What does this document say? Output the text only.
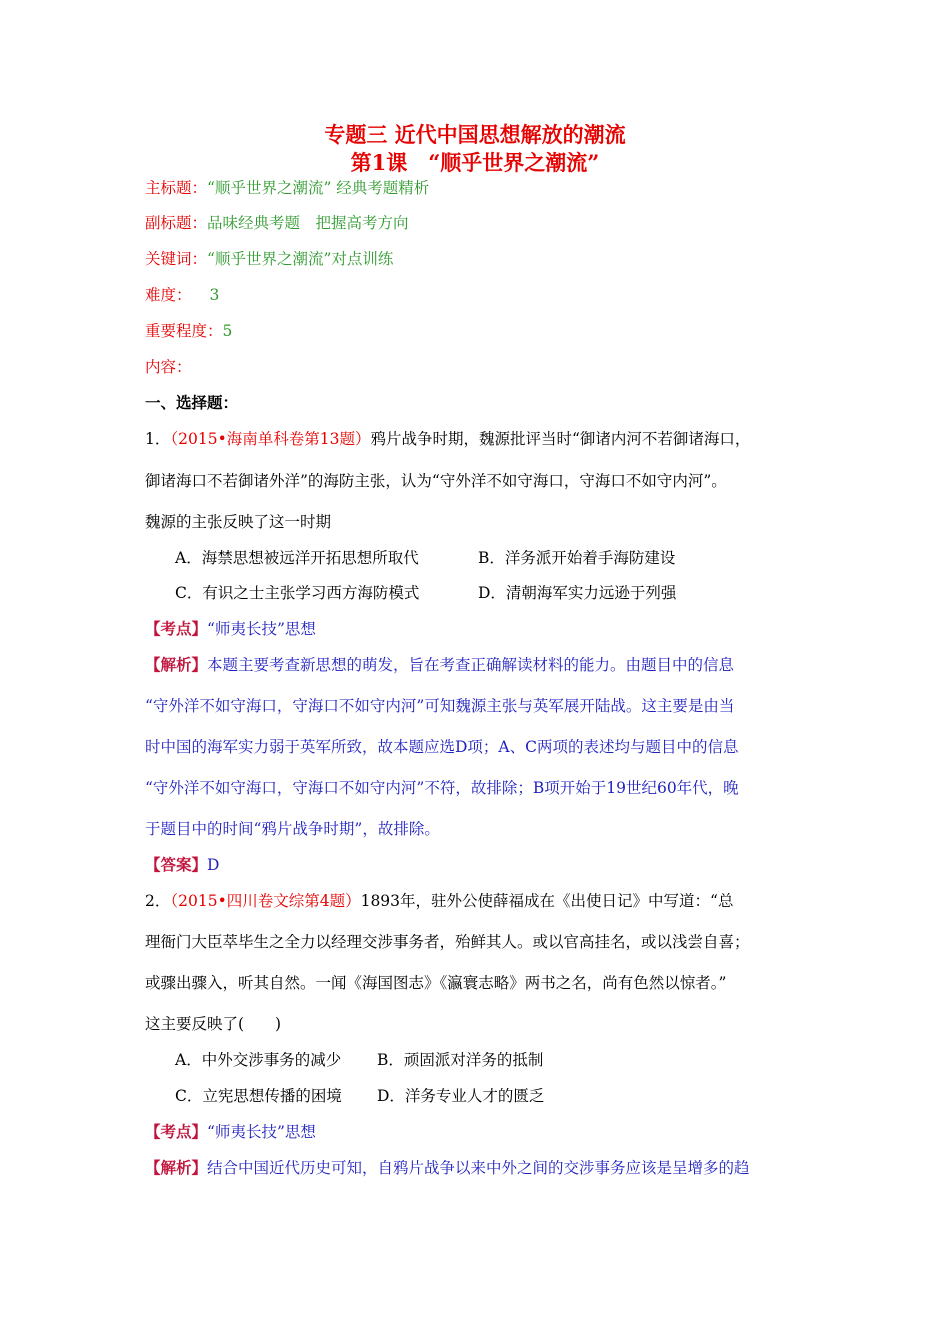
专题三 近代中国思想解放的潮流
第1课　“顺乎世界之潮流”
主标题：“顺乎世界之潮流” 经典考题精析
副标题：品味经典考题　把握高考方向
关键词：“顺乎世界之潮流”对点训练
难度： 3
重要程度：5
内容：
一、选择题：
1．（2015•海南单科卷第13题）鸦片战争时期，魏源批评当时“御诸内河不若御诸海口，
御诸海口不若御诸外洋”的海防主张，认为“守外洋不如守海口，守海口不如守内河”。
魏源的主张反映了这一时期
A．海禁思想被远洋开拓思想所取代	B．洋务派开始着手海防建设
C．有识之士主张学习西方海防模式	D．清朝海军实力远逊于列强
【考点】“师夷长技”思想
【解析】本题主要考查新思想的萌发，旨在考查正确解读材料的能力。由题目中的信息
“守外洋不如守海口，守海口不如守内河”可知魏源主张与英军展开陆战。这主要是由当
时中国的海军实力弱于英军所致，故本题应选D项；A、C两项的表述均与题目中的信息
“守外洋不如守海口，守海口不如守内河”不符，故排除；B项开始于19世纪60年代，晚
于题目中的时间“鸦片战争时期”，故排除。
【答案】D
2．（2015•四川卷文综第4题）1893年，驻外公使薛福成在《出使日记》中写道：“总
理衙门大臣萃毕生之全力以经理交涉事务者，殆鲜其人。或以官高挂名，或以浅尝自喜；
或骤出骤入，听其自然。一闻《海国图志》《瀛寰志略》两书之名，尚有色然以惊者。”
这主要反映了(　　)
A．中外交涉事务的减少 B．顽固派对洋务的抵制
C．立宪思想传播的困境 D．洋务专业人才的匮乏
【考点】“师夷长技”思想
【解析】结合中国近代历史可知，自鸦片战争以来中外之间的交涉事务应该是呈增多的趋
